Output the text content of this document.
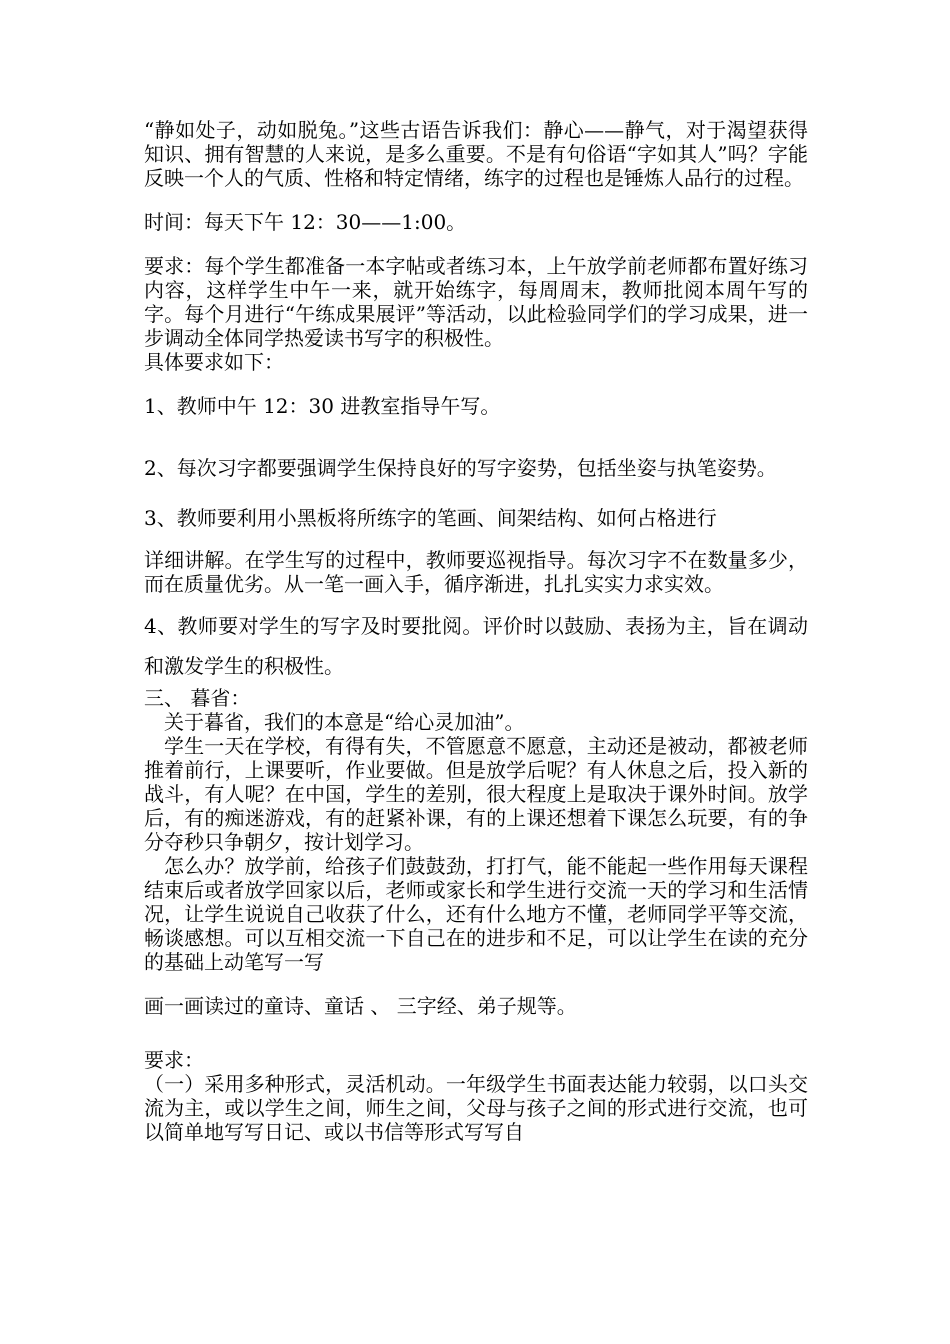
“静如处子，动如脱兔。”这些古语告诉我们：静心——静气，对于渴望获得知识、拥有智慧的人来说，是多么重要。不是有句俗语“字如其人”吗？字能反映一个人的气质、性格和特定情绪，练字的过程也是锤炼人品行的过程。

时间：每天下午 12：30——1:00。

要求：每个学生都准备一本字帖或者练习本，上午放学前老师都布置好练习内容，这样学生中午一来，就开始练字，每周周末，教师批阅本周午写的字。每个月进行“午练成果展评”等活动，以此检验同学们的学习成果，进一步调动全体同学热爱读书写字的积极性。

具体要求如下：

1、教师中午 12：30 进教室指导午写。

2、每次习字都要强调学生保持良好的写字姿势，包括坐姿与执笔姿势。

3、教师要利用小黑板将所练字的笔画、间架结构、如何占格进行

详细讲解。在学生写的过程中，教师要巡视指导。每次习字不在数量多少，而在质量优劣。从一笔一画入手，循序渐进，扎扎实实力求实效。

4、教师要对学生的写字及时要批阅。评价时以鼓励、表扬为主，旨在调动和激发学生的积极性。

三、 暮省：

关于暮省，我们的本意是“给心灵加油”。

学生一天在学校，有得有失，不管愿意不愿意，主动还是被动，都被老师推着前行，上课要听，作业要做。但是放学后呢？有人休息之后，投入新的战斗，有人呢？在中国，学生的差别，很大程度上是取决于课外时间。放学后，有的痴迷游戏，有的赶紧补课，有的上课还想着下课怎么玩要，有的争分夺秒只争朝夕，按计划学习。

怎么办？放学前，给孩子们鼓鼓劲，打打气，能不能起一些作用每天课程结束后或者放学回家以后，老师或家长和学生进行交流一天的学习和生活情况，让学生说说自己收获了什么，还有什么地方不懂，老师同学平等交流，畅谈感想。可以互相交流一下自己在的进步和不足，可以让学生在读的充分的基础上动笔写一写

画一画读过的童诗、童话 、 三字经、弟子规等。

要求：

（一）采用多种形式，灵活机动。一年级学生书面表达能力较弱，以口头交流为主，或以学生之间，师生之间，父母与孩子之间的形式进行交流，也可以简单地写写日记、或以书信等形式写写自
